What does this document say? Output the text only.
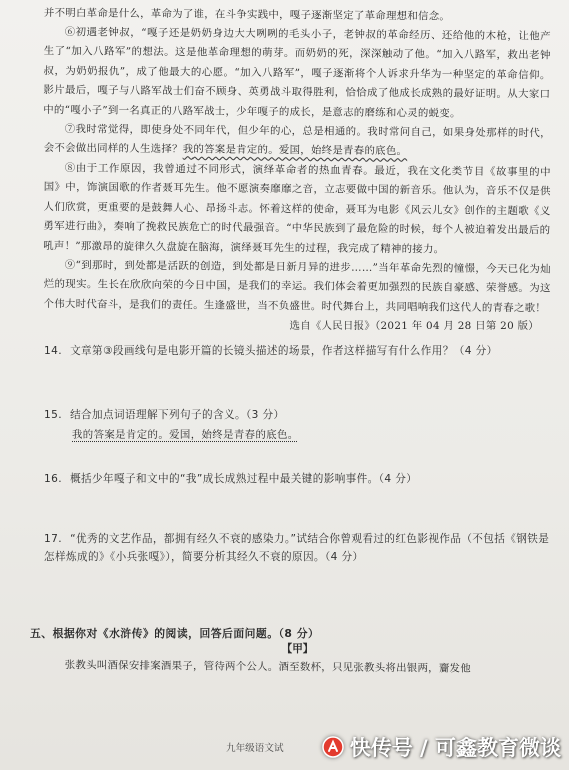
并不明白革命是什么，革命为了谁，在斗争实践中，嘎子逐渐坚定了革命理想和信念。

⑥初遇老钟叔，“嘎子还是奶奶身边大大咧咧的毛头小子，老钟叔的革命经历、还给他的木枪，让他产生了“加入八路军”的想法。这是他革命理想的萌芽。而奶奶的死，深深触动了他。“加入八路军，救出老钟叔，为奶奶报仇”，成了他最大的心愿。“加入八路军”，嘎子逐渐将个人诉求升华为一种坚定的革命信仰。影片最后，嘎子与八路军战士们奋不顾身、英勇战斗取得胜利，恰恰成了他成长成熟的最好证明。从大家口中的“嘎小子”到一名真正的八路军战士，少年嘎子的成长，是意志的磨练和心灵的蜕变。

⑦我时常觉得，即使身处不同年代，但少年的心，总是相通的。我时常问自己，如果身处那样的时代，会不会做出同样的人生选择？我的答案是肯定的。爱国，始终是青春的底色。

⑧由于工作原因，我曾通过不同形式，演绎革命者的热血青春。最近，我在文化类节目《故事里的中国》中，饰演国歌的作者聂耳先生。他不愿演奏靡靡之音，立志要做中国的新音乐。他认为，音乐不仅是供人们欣赏，更重要的是鼓舞人心、昂扬斗志。怀着这样的使命，聂耳为电影《风云儿女》创作的主题歌《义勇军进行曲》，奏响了挽救民族危亡的时代最强音。“中华民族到了最危险的时候，每个人被迫着发出最后的吼声！”那激昂的旋律久久盘旋在脑海，演绎聂耳先生的过程，我完成了精神的接力。

⑨“到那时，到处都是活跃的创造，到处都是日新月异的进步……”当年革命先烈的憧憬，今天已化为灿烂的现实。生长在欣欣向荣的今日中国，是我们的幸运。我们体会着更加强烈的民族自豪感、荣誉感。为这个伟大时代奋斗，是我们的责任。生逢盛世，当不负盛世。时代舞台上，共同唱响我们这代人的青春之歌！

选自《人民日报》（2021 年 04 月 28 日第 20 版）

14. 文章第③段画线句是电影开篇的长镜头描述的场景，作者这样描写有什么作用？（4 分）

15. 结合加点词语理解下列句子的含义。（3 分）

我的答案是肯定的。爱国，始终是青春的底色。

16. 概括少年嘎子和文中的“我”成长成熟过程中最关键的影响事件。（4 分）

17. “优秀的文艺作品，都拥有经久不衰的感染力。”试结合你曾观看过的红色影视作品（不包括《钢铁是怎样炼成的》《小兵张嘎》），简要分析其经久不衰的原因。（4 分）

五、根据你对《水浒传》的阅读，回答后面问题。（8 分）

【甲】

张教头叫酒保安排案酒果子，管待两个公人。酒至数杯，只见张教头将出银两，齎发他

九年级语文试	快传号 / 可鑫教育微谈
